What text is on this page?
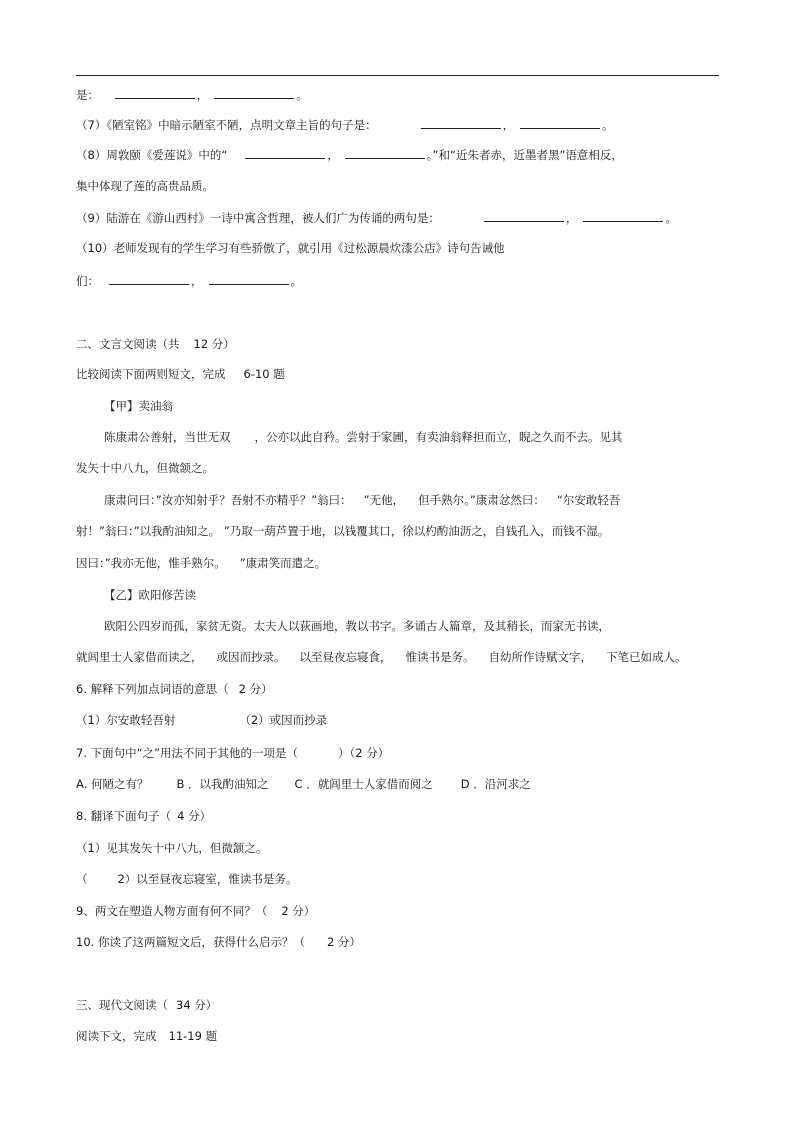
是：	，	。
（7）《陋室铭》中暗示陋室不陋，点明文章主旨的句子是：	，	。
（8）周敦颐《爱莲说》中的“	，	。”和“近朱者赤，近墨者黑”语意相反，
集中体现了莲的高贵品质。
（9）陆游在《游山西村》一诗中寓含哲理，被人们广为传诵的两句是：	，	。
（10）老师发现有的学生学习有些骄傲了，就引用《过松源晨炊漆公店》诗句告诫他
们：	，	。
二、文言文阅读（共 12 分）
比较阅读下面两则短文，完成 6-10 题
【甲】卖油翁
陈康肃公善射，当世无双 ，公亦以此自矜。尝射于家圃，有卖油翁释担而立，睨之久而不去。见其
发矢十中八九，但微颔之。
康肃问曰：”汝亦知射乎？吾射不亦精乎？”翁曰： ”无他， 但手熟尔。”康肃忿然曰： “尔安敢轻吾
射！”翁曰：”以我酌油知之。 ”乃取一葫芦置于地，以钱覆其口，徐以杓酌油沥之，自钱孔入，而钱不湿。
因曰：”我亦无他，惟手熟尔。 ”康肃笑而遣之。
【乙】欧阳修苦读
欧阳公四岁而孤，家贫无资。太夫人以荻画地，教以书字。多诵古人篇章，及其稍长，而家无书读，
就闾里士人家借而读之， 或因而抄录。 以至昼夜忘寝食， 惟读书是务。 自幼所作诗赋文字， 下笔已如成人。
6. 解释下列加点词语的意思（ 2 分）
（1）尔安敢轻吾射	（2）或因而抄录
7. 下面句中“之”用法不同于其他的一项是（	）（2 分）
A. 何陋之有？ B ．以我酌油知之 C ．就闾里士人家借而阅之 D ．沿河求之
8. 翻译下面句子（ 4 分）
（1）见其发矢十中八九，但微颔之。
（	2）以至昼夜忘寝室，惟读书是务。
9、两文在塑造人物方面有何不同？（ 2 分）
10. 你读了这两篇短文后，获得什么启示？（ 2 分）
三、现代文阅读（ 34 分）
阅读下文，完成 11-19 题
